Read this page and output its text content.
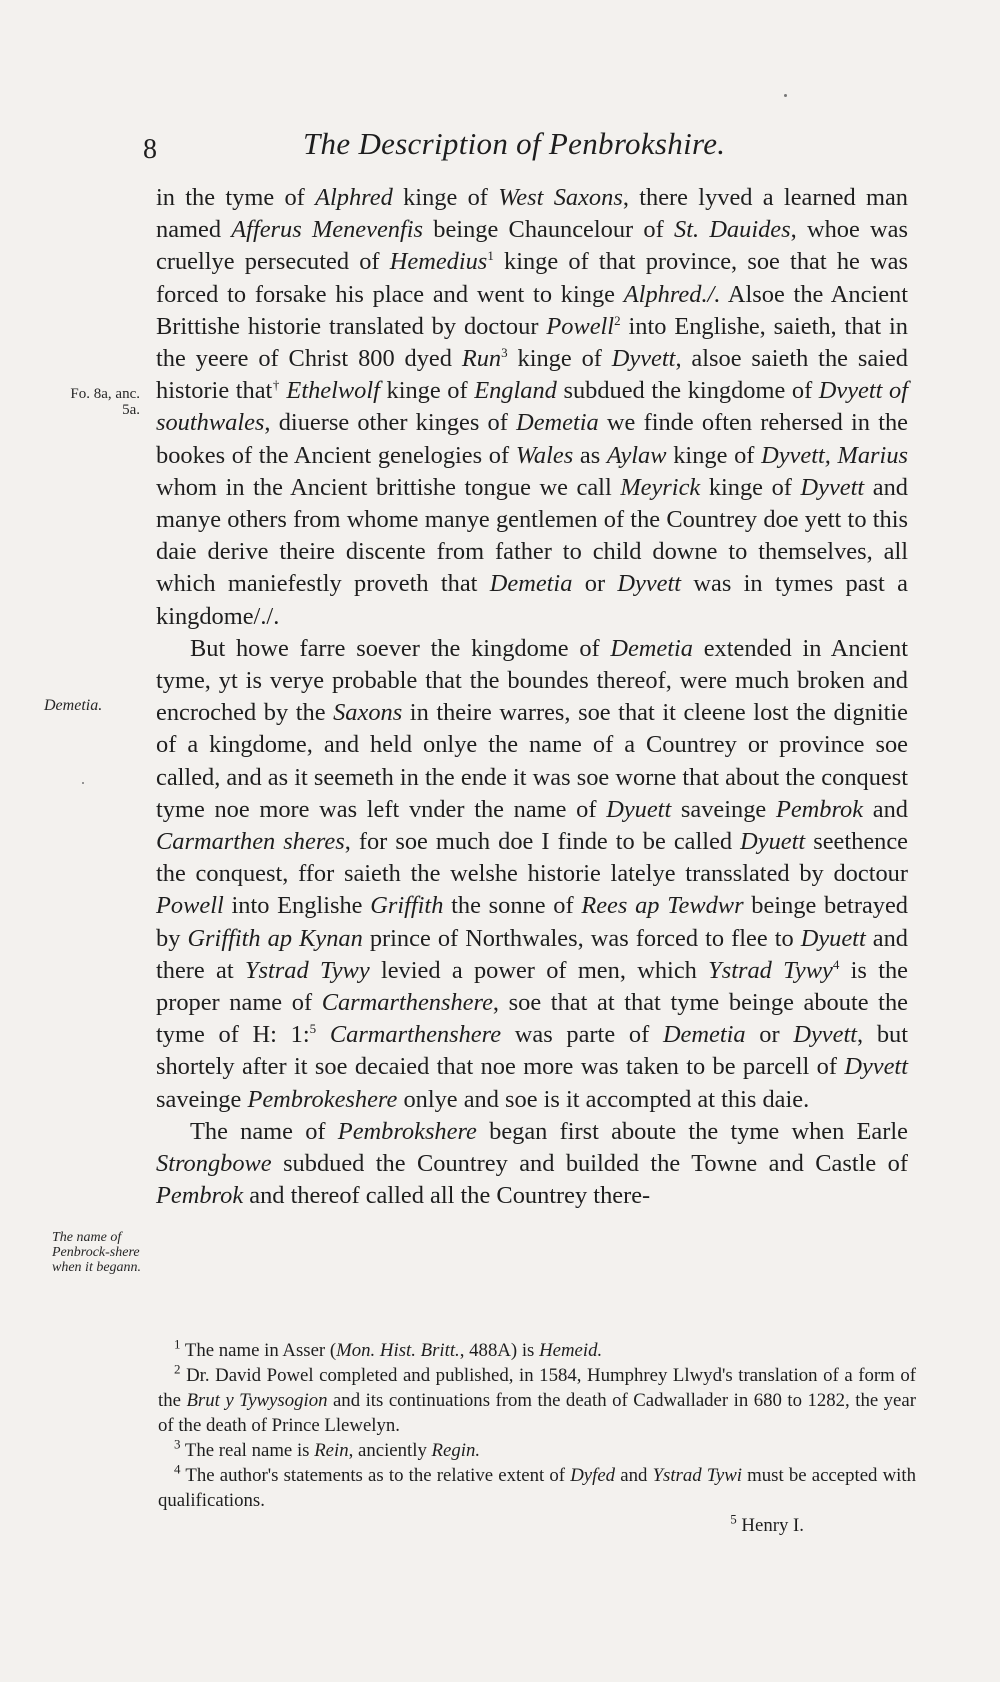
8	The Description of Penbrokshire.
Fo. 8a, anc. 5a.
Demetia.
The name of Penbrock-shere when it begann.

in the tyme of Alphred kinge of West Saxons, there lyved a learned man named Afferus Menevenfis beinge Chauncelour of St. Dauides, whoe was cruellye persecuted of Hemedius$^1$ kinge of that province, soe that he was forced to forsake his place and went to kinge Alphred./. Alsoe the Ancient Brittishe historie translated by doctour Powell$^2$ into Englishe, saieth, that in the yeere of Christ 800 dyed Run$^3$ kinge of Dyvett, alsoe saieth the saied historie that† Ethelwolf kinge of England subdued the kingdome of Dvyett of southwales, diuerse other kinges of Demetia we finde often rehersed in the bookes of the Ancient genelogies of Wales as Aylaw kinge of Dyvett, Marius whom in the Ancient brittishe tongue we call Meyrick kinge of Dyvett and manye others from whome manye gentlemen of the Countrey doe yett to this daie derive theire discente from father to child downe to themselves, all which maniefestly proveth that Demetia or Dyvett was in tymes past a kingdome/./.

But howe farre soever the kingdome of Demetia extended in Ancient tyme, yt is verye probable that the boundes thereof, were much broken and encroched by the Saxons in theire warres, soe that it cleene lost the dignitie of a kingdome, and held onlye the name of a Countrey or province soe called, and as it seemeth in the ende it was soe worne that about the conquest tyme noe more was left vnder the name of Dyuett saveinge Pembrok and Carmarthen sheres, for soe much doe I finde to be called Dyuett seethence the conquest, ffor saieth the welshe historie latelye transslated by doctour Powell into Englishe Griffith the sonne of Rees ap Tewdwr beinge betrayed by Griffith ap Kynan prince of Northwales, was forced to flee to Dyuett and there at Ystrad Tywy levied a power of men, which Ystrad Tywy$^4$ is the proper name of Carmarthenshere, soe that at that tyme beinge aboute the tyme of H: 1:$^5$ Carmarthenshere was parte of Demetia or Dyvett, but shortely after it soe decaied that noe more was taken to be parcell of Dyvett saveinge Pembrokeshere onlye and soe is it accompted at this daie.

The name of Pembrokshere began first aboute the tyme when Earle Strongbowe subdued the Countrey and builded the Towne and Castle of Pembrok and thereof called all the Countrey there-

$^1$ The name in Asser (Mon. Hist. Britt., 488A) is Hemeid.

$^2$ Dr. David Powel completed and published, in 1584, Humphrey Llwyd's translation of a form of the Brut y Tywysogion and its continuations from the death of Cadwallader in 680 to 1282, the year of the death of Prince Llewelyn.

$^3$ The real name is Rein, anciently Regin.

$^4$ The author's statements as to the relative extent of Dyfed and Ystrad Tywi must be accepted with qualifications.

$^5$ Henry I.
